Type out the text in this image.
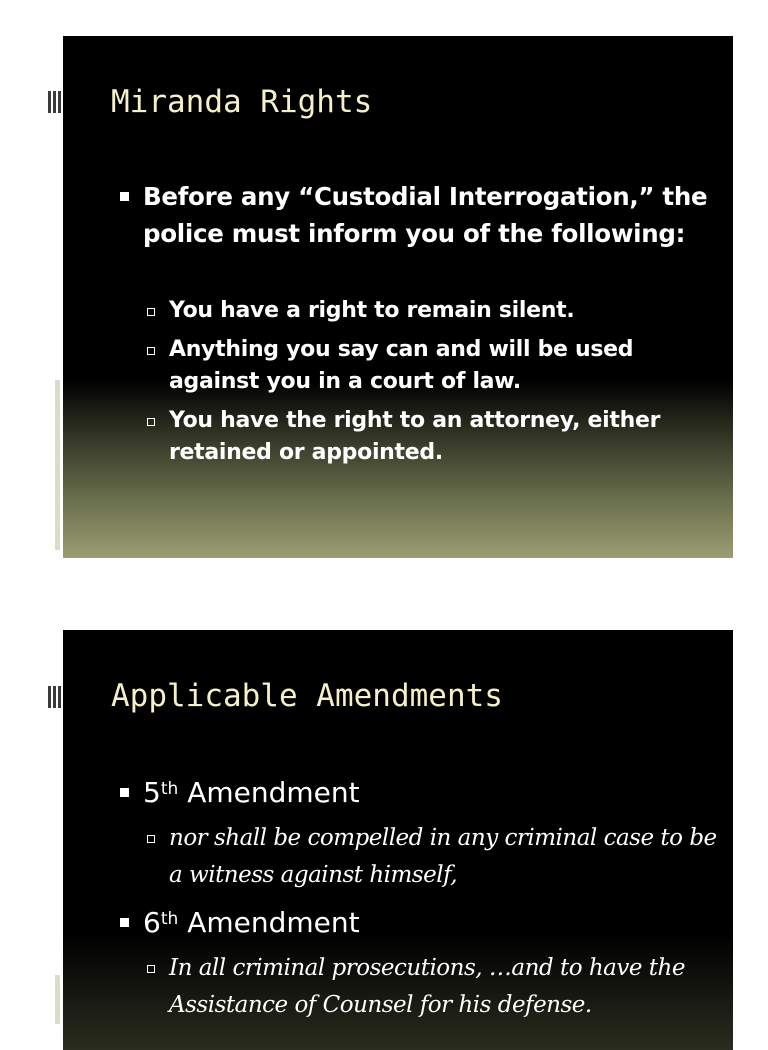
Miranda Rights
Before any “Custodial Interrogation,” the police must inform you of the following:
You have a right to remain silent.
Anything you say can and will be used against you in a court of law.
You have the right to an attorney, either retained or appointed.
Applicable Amendments
5th Amendment
nor shall be compelled in any criminal case to be a witness against himself,
6th Amendment
In all criminal prosecutions, …and to have the Assistance of Counsel for his defense.
